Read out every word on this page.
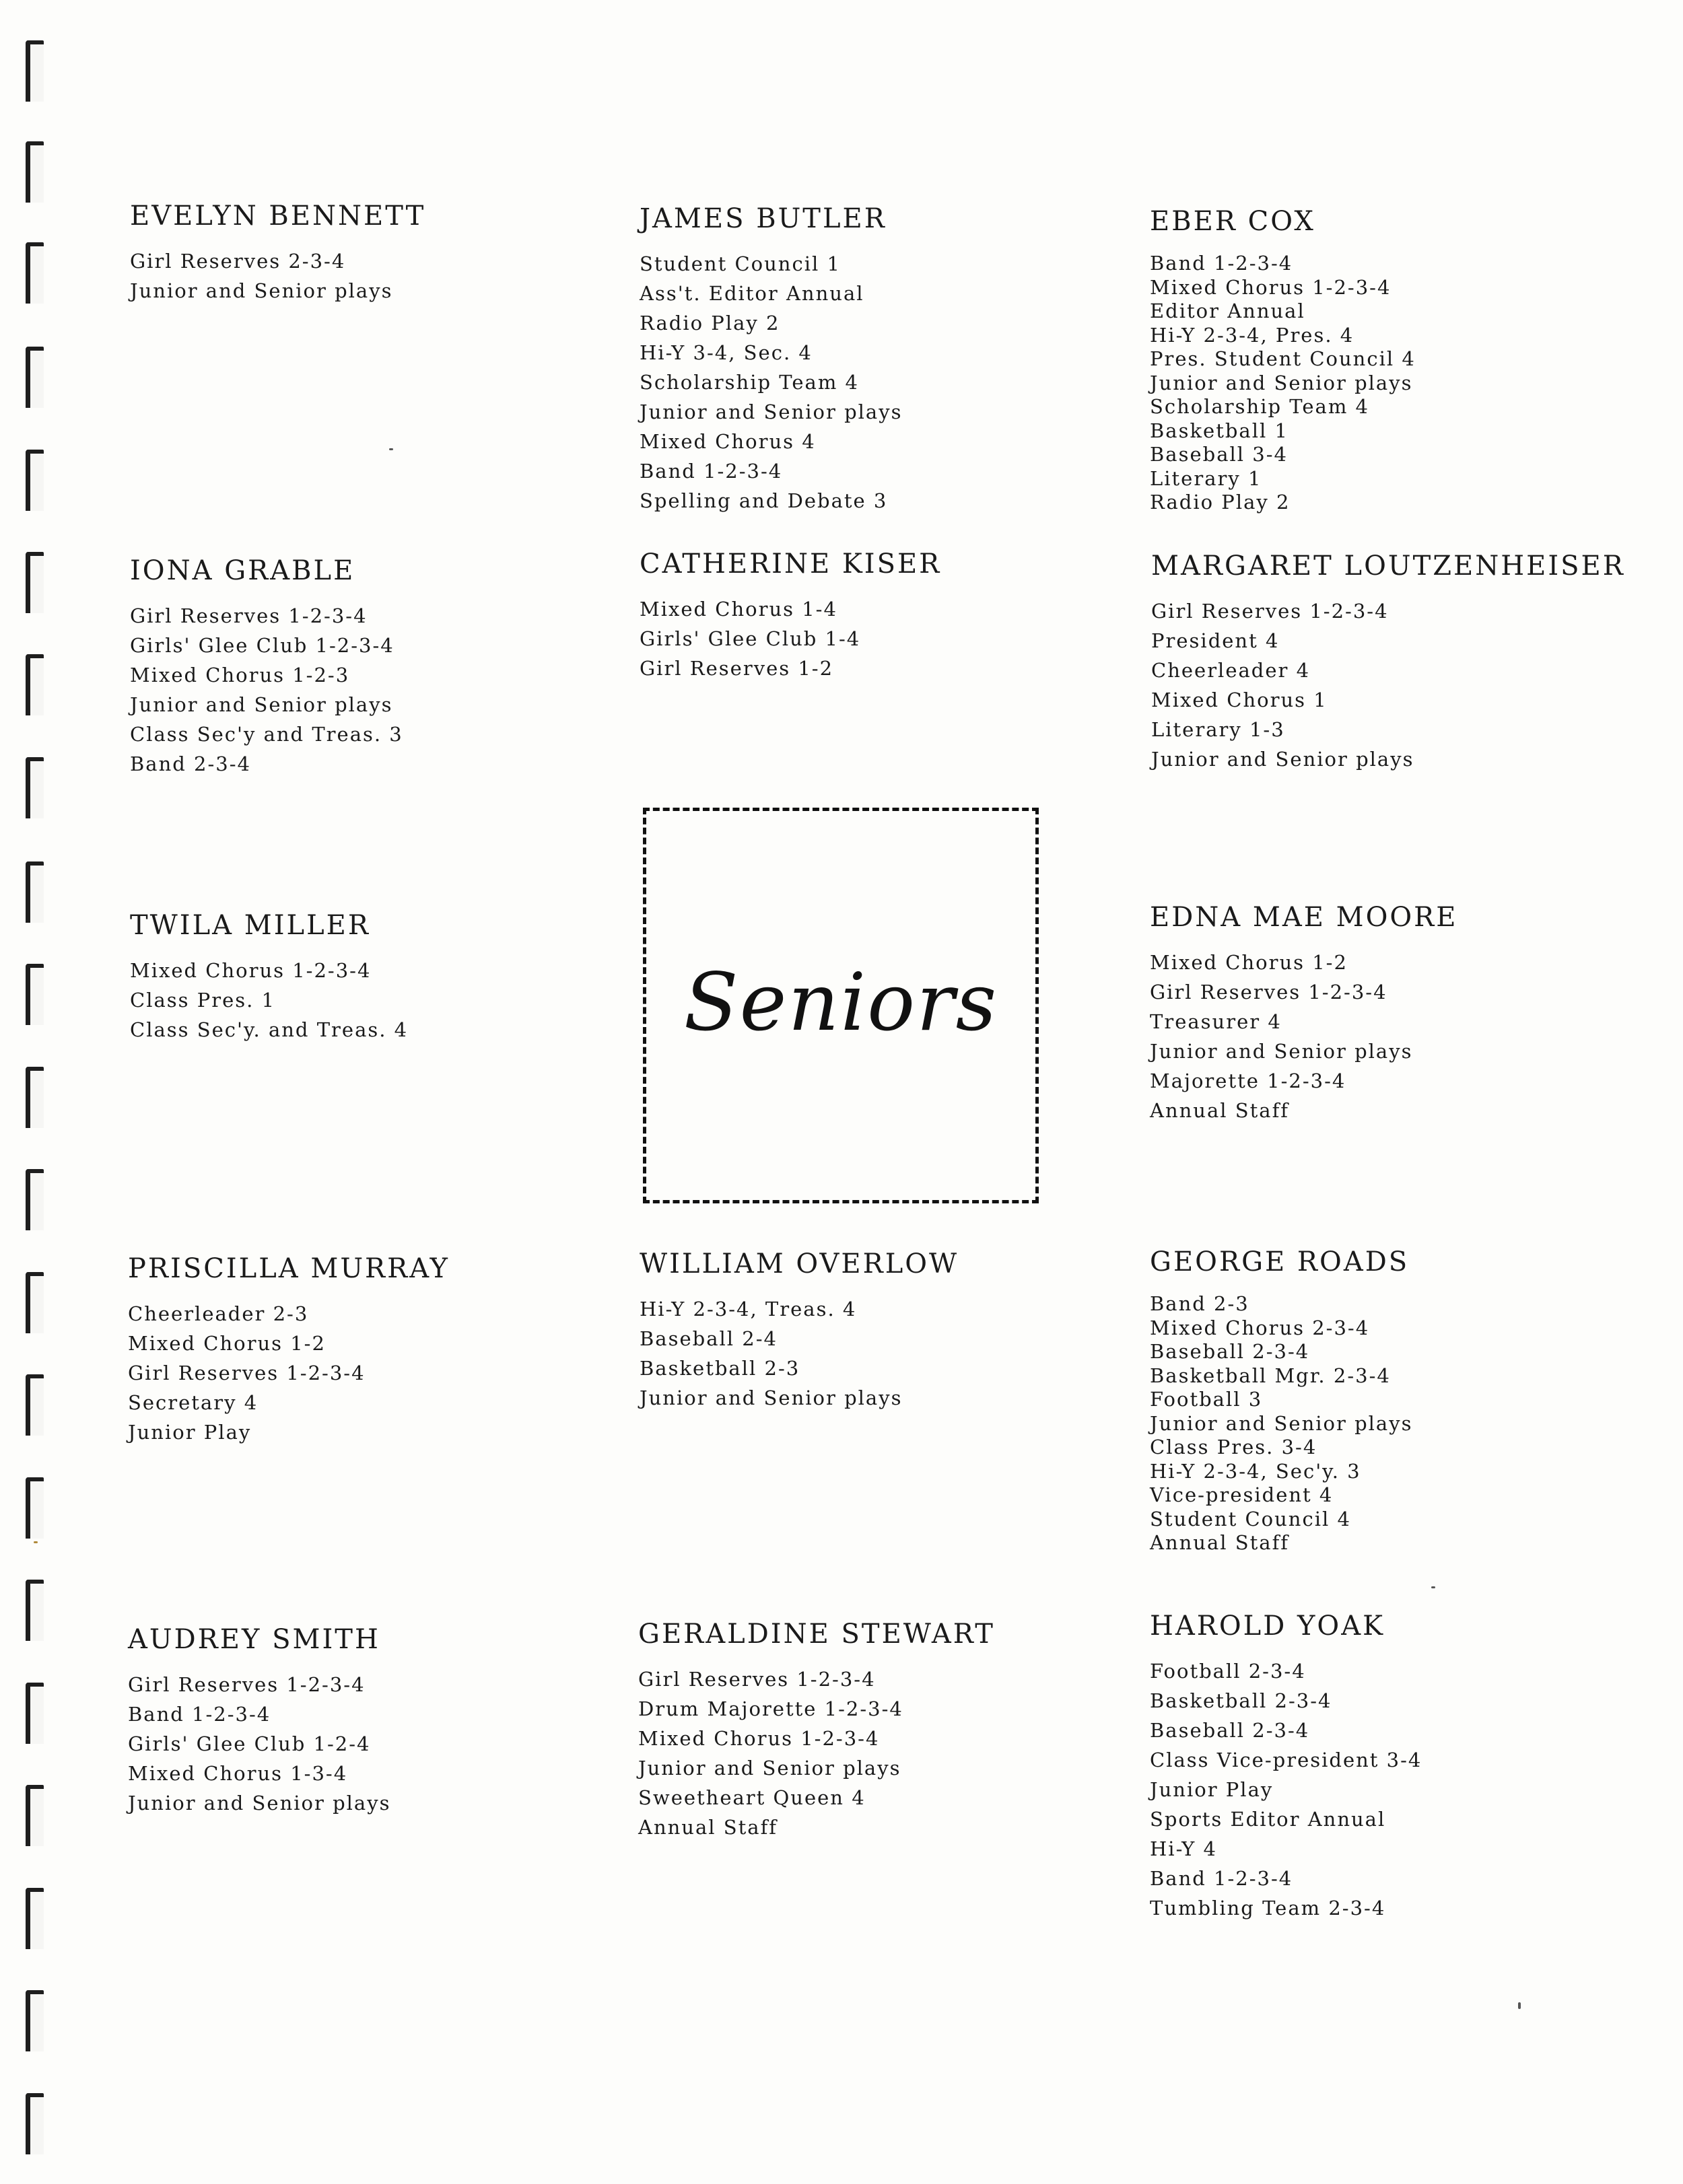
EVELYN BENNETT
Girl Reserves 2-3-4
Junior and Senior plays
JAMES BUTLER
Student Council 1
Ass't. Editor Annual
Radio Play 2
Hi-Y 3-4, Sec. 4
Scholarship Team 4
Junior and Senior plays
Mixed Chorus 4
Band 1-2-3-4
Spelling and Debate 3
EBER COX
Band 1-2-3-4
Mixed Chorus 1-2-3-4
Editor Annual
Hi-Y 2-3-4, Pres. 4
Pres. Student Council 4
Junior and Senior plays
Scholarship Team 4
Basketball 1
Baseball 3-4
Literary 1
Radio Play 2
IONA GRABLE
Girl Reserves 1-2-3-4
Girls' Glee Club 1-2-3-4
Mixed Chorus 1-2-3
Junior and Senior plays
Class Sec'y and Treas. 3
Band 2-3-4
CATHERINE KISER
Mixed Chorus 1-4
Girls' Glee Club 1-4
Girl Reserves 1-2
MARGARET LOUTZENHEISER
Girl Reserves 1-2-3-4
President 4
Cheerleader 4
Mixed Chorus 1
Literary 1-3
Junior and Senior plays
TWILA MILLER
Mixed Chorus 1-2-3-4
Class Pres. 1
Class Sec'y. and Treas. 4	Seniors
EDNA MAE MOORE
Mixed Chorus 1-2
Girl Reserves 1-2-3-4
Treasurer 4
Junior and Senior plays
Majorette 1-2-3-4
Annual Staff
PRISCILLA MURRAY
Cheerleader 2-3
Mixed Chorus 1-2
Girl Reserves 1-2-3-4
Secretary 4
Junior Play
WILLIAM OVERLOW
Hi-Y 2-3-4, Treas. 4
Baseball 2-4
Basketball 2-3
Junior and Senior plays
GEORGE ROADS
Band 2-3
Mixed Chorus 2-3-4
Baseball 2-3-4
Basketball Mgr. 2-3-4
Football 3
Junior and Senior plays
Class Pres. 3-4
Hi-Y 2-3-4, Sec'y. 3
Vice-president 4
Student Council 4
Annual Staff
AUDREY SMITH
Girl Reserves 1-2-3-4
Band 1-2-3-4
Girls' Glee Club 1-2-4
Mixed Chorus 1-3-4
Junior and Senior plays
GERALDINE STEWART
Girl Reserves 1-2-3-4
Drum Majorette 1-2-3-4
Mixed Chorus 1-2-3-4
Junior and Senior plays
Sweetheart Queen 4
Annual Staff
HAROLD YOAK
Football 2-3-4
Basketball 2-3-4
Baseball 2-3-4
Class Vice-president 3-4
Junior Play
Sports Editor Annual
Hi-Y 4
Band 1-2-3-4
Tumbling Team 2-3-4
